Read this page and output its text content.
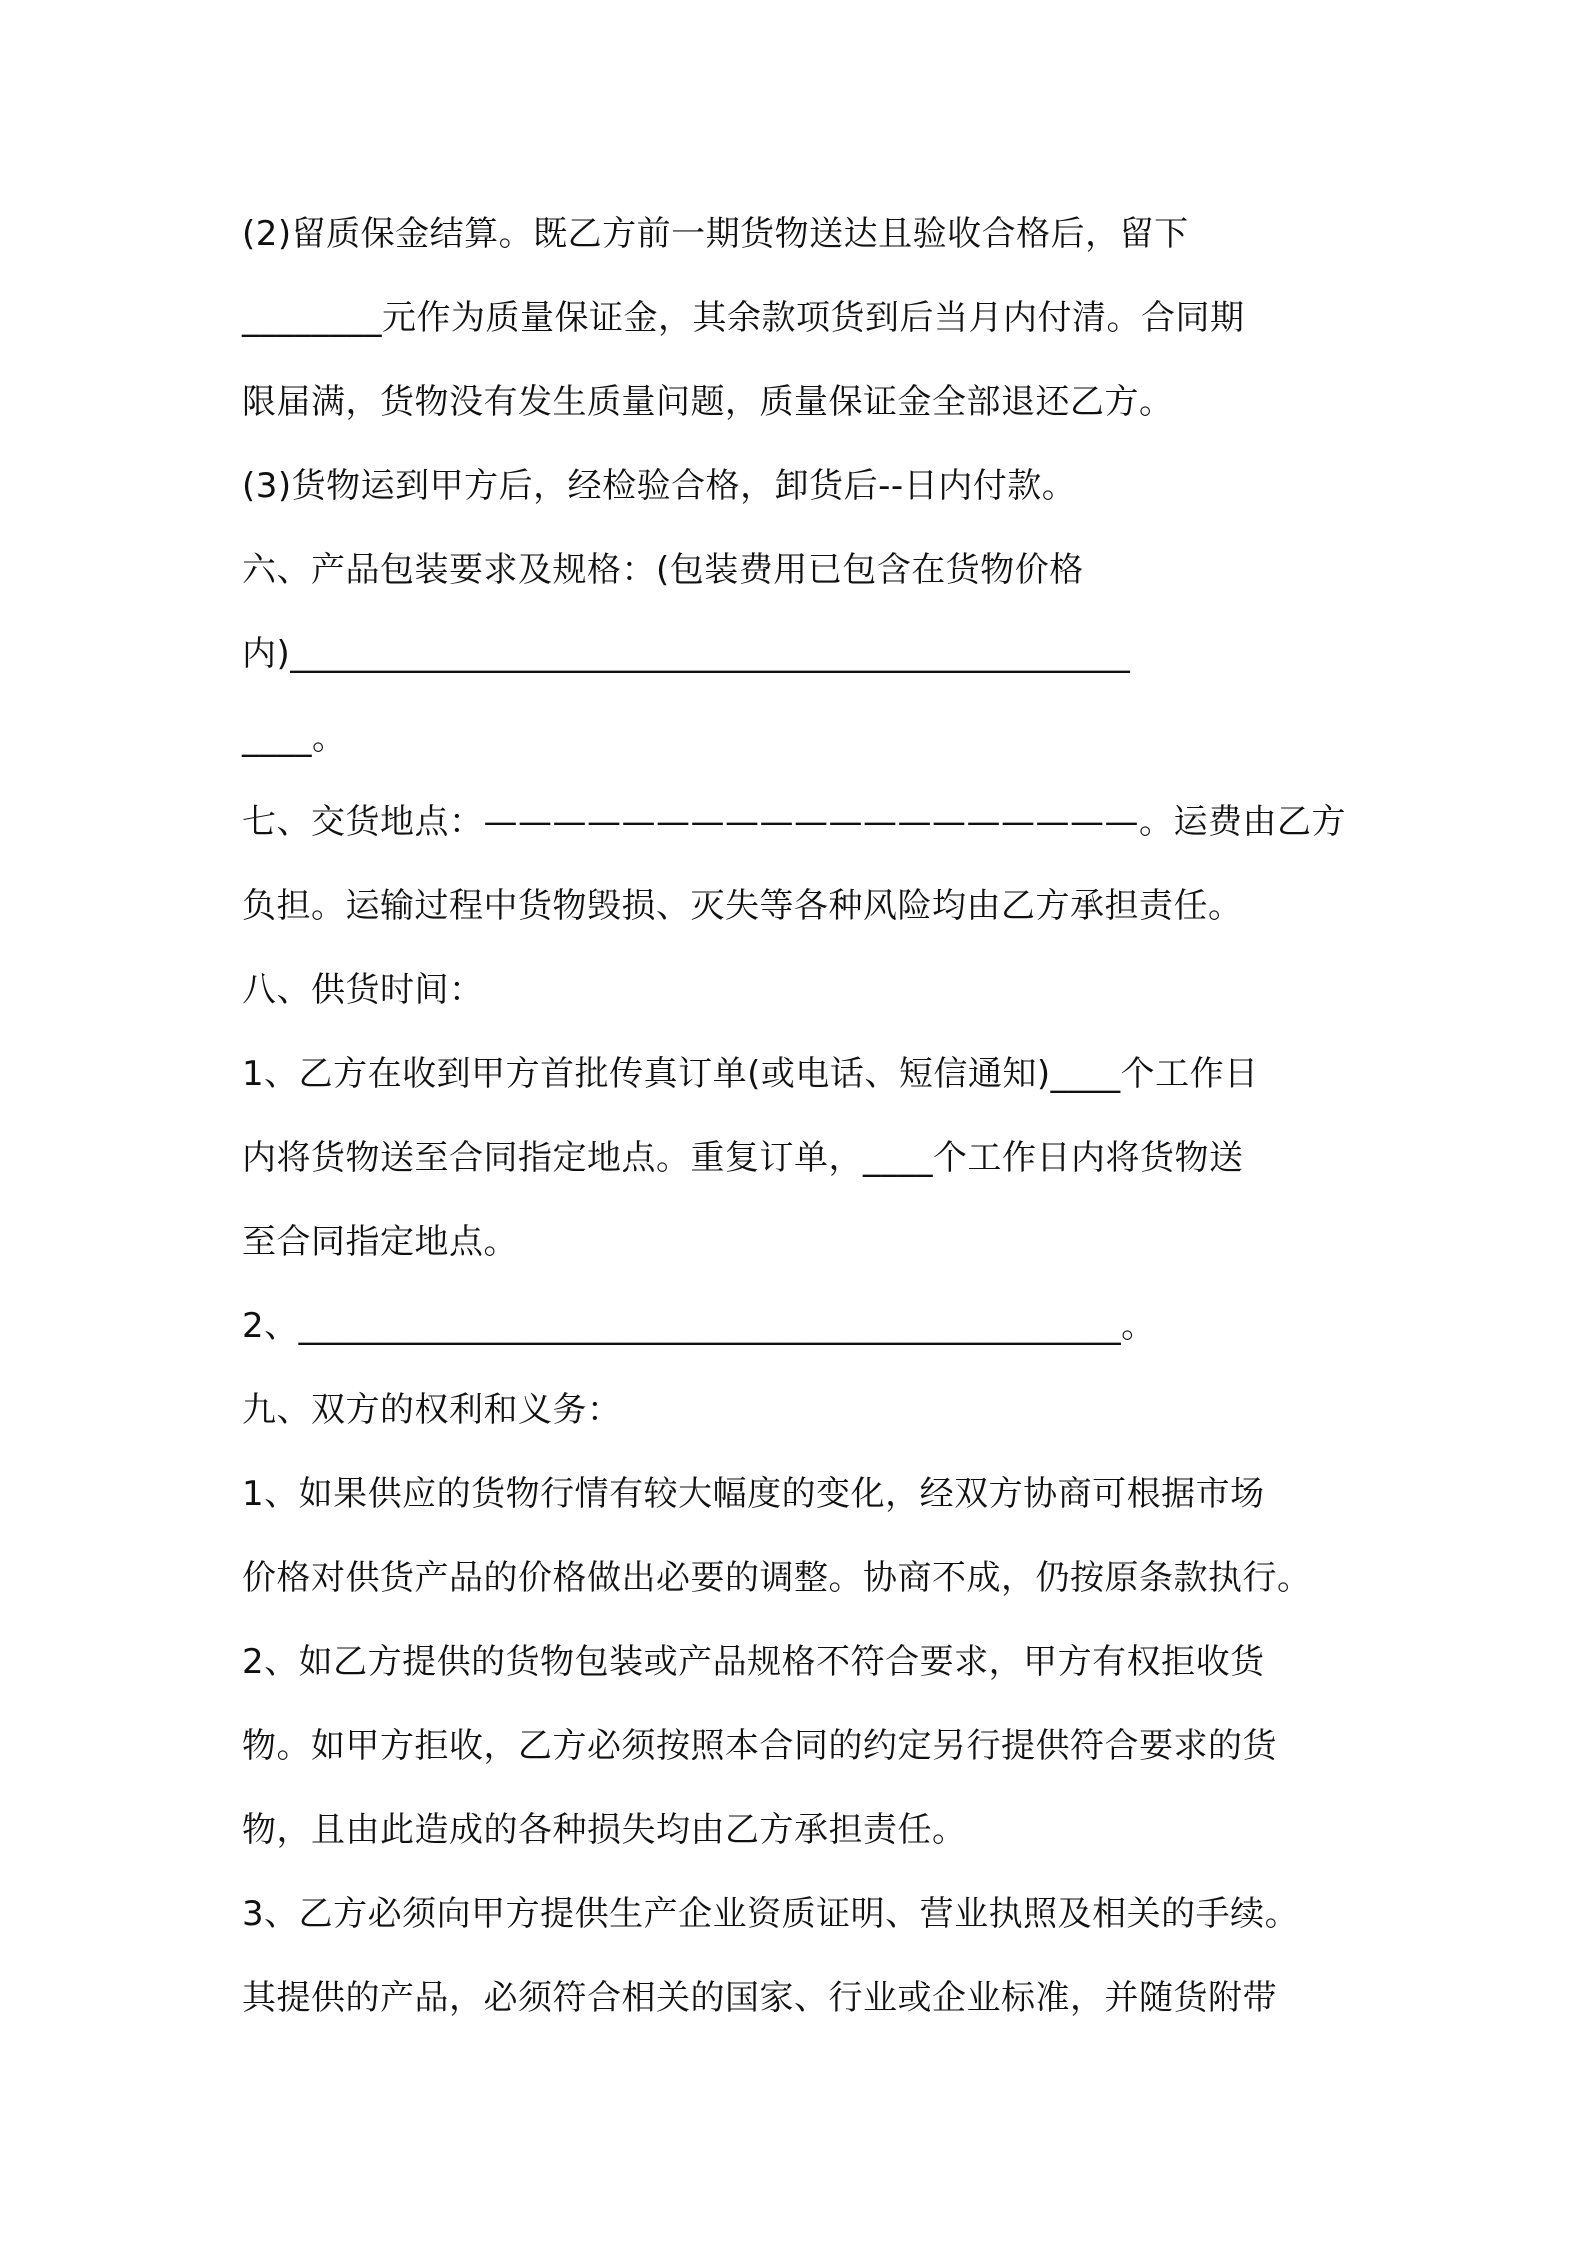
(2)留质保金结算。既乙方前一期货物送达且验收合格后，留下
________元作为质量保证金，其余款项货到后当月内付清。合同期
限届满，货物没有发生质量问题，质量保证金全部退还乙方。
(3)货物运到甲方后，经检验合格，卸货后--日内付款。
六、产品包装要求及规格：(包装费用已包含在货物价格
内)________________________________________________
____。
七、交货地点：———————————————————。运费由乙方
负担。运输过程中货物毁损、灭失等各种风险均由乙方承担责任。
八、供货时间：
1、乙方在收到甲方首批传真订单(或电话、短信通知)____个工作日
内将货物送至合同指定地点。重复订单，____个工作日内将货物送
至合同指定地点。
2、_______________________________________________。
九、双方的权利和义务：
1、如果供应的货物行情有较大幅度的变化，经双方协商可根据市场
价格对供货产品的价格做出必要的调整。协商不成，仍按原条款执行。
2、如乙方提供的货物包装或产品规格不符合要求，甲方有权拒收货
物。如甲方拒收，乙方必须按照本合同的约定另行提供符合要求的货
物，且由此造成的各种损失均由乙方承担责任。
3、乙方必须向甲方提供生产企业资质证明、营业执照及相关的手续。
其提供的产品，必须符合相关的国家、行业或企业标准，并随货附带
